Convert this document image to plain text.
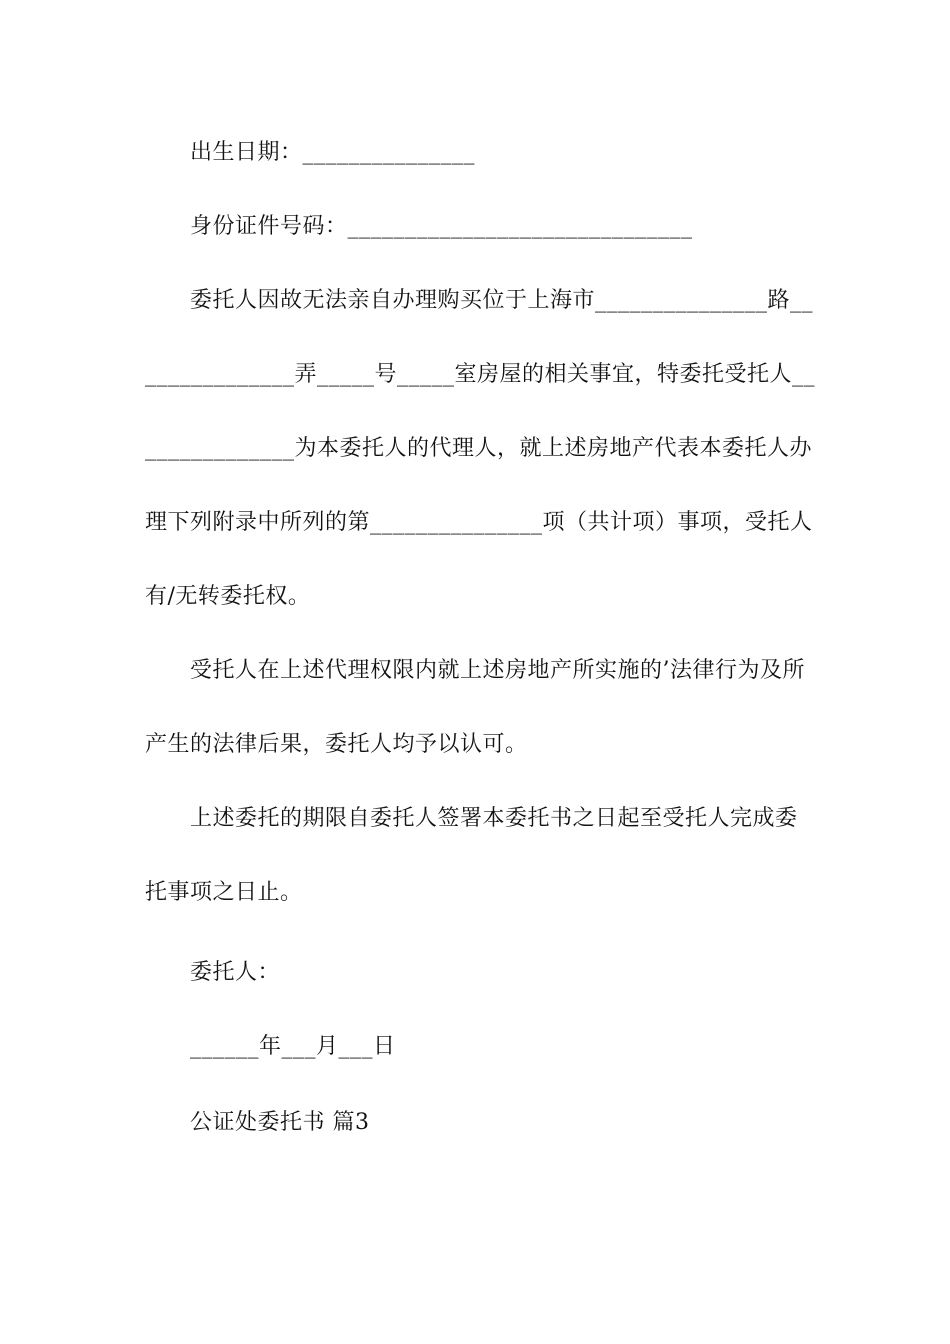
出生日期：_______________
身份证件号码：______________________________
委托人因故无法亲自办理购买位于上海市_______________路__
_____________弄_____号_____室房屋的相关事宜，特委托受托人__
_____________为本委托人的代理人，就上述房地产代表本委托人办
理下列附录中所列的第_______________项（共计项）事项，受托人
有/无转委托权。
受托人在上述代理权限内就上述房地产所实施的’法律行为及所
产生的法律后果，委托人均予以认可。
上述委托的期限自委托人签署本委托书之日起至受托人完成委
托事项之日止。
委托人：
______年___月___日
公证处委托书 篇3
